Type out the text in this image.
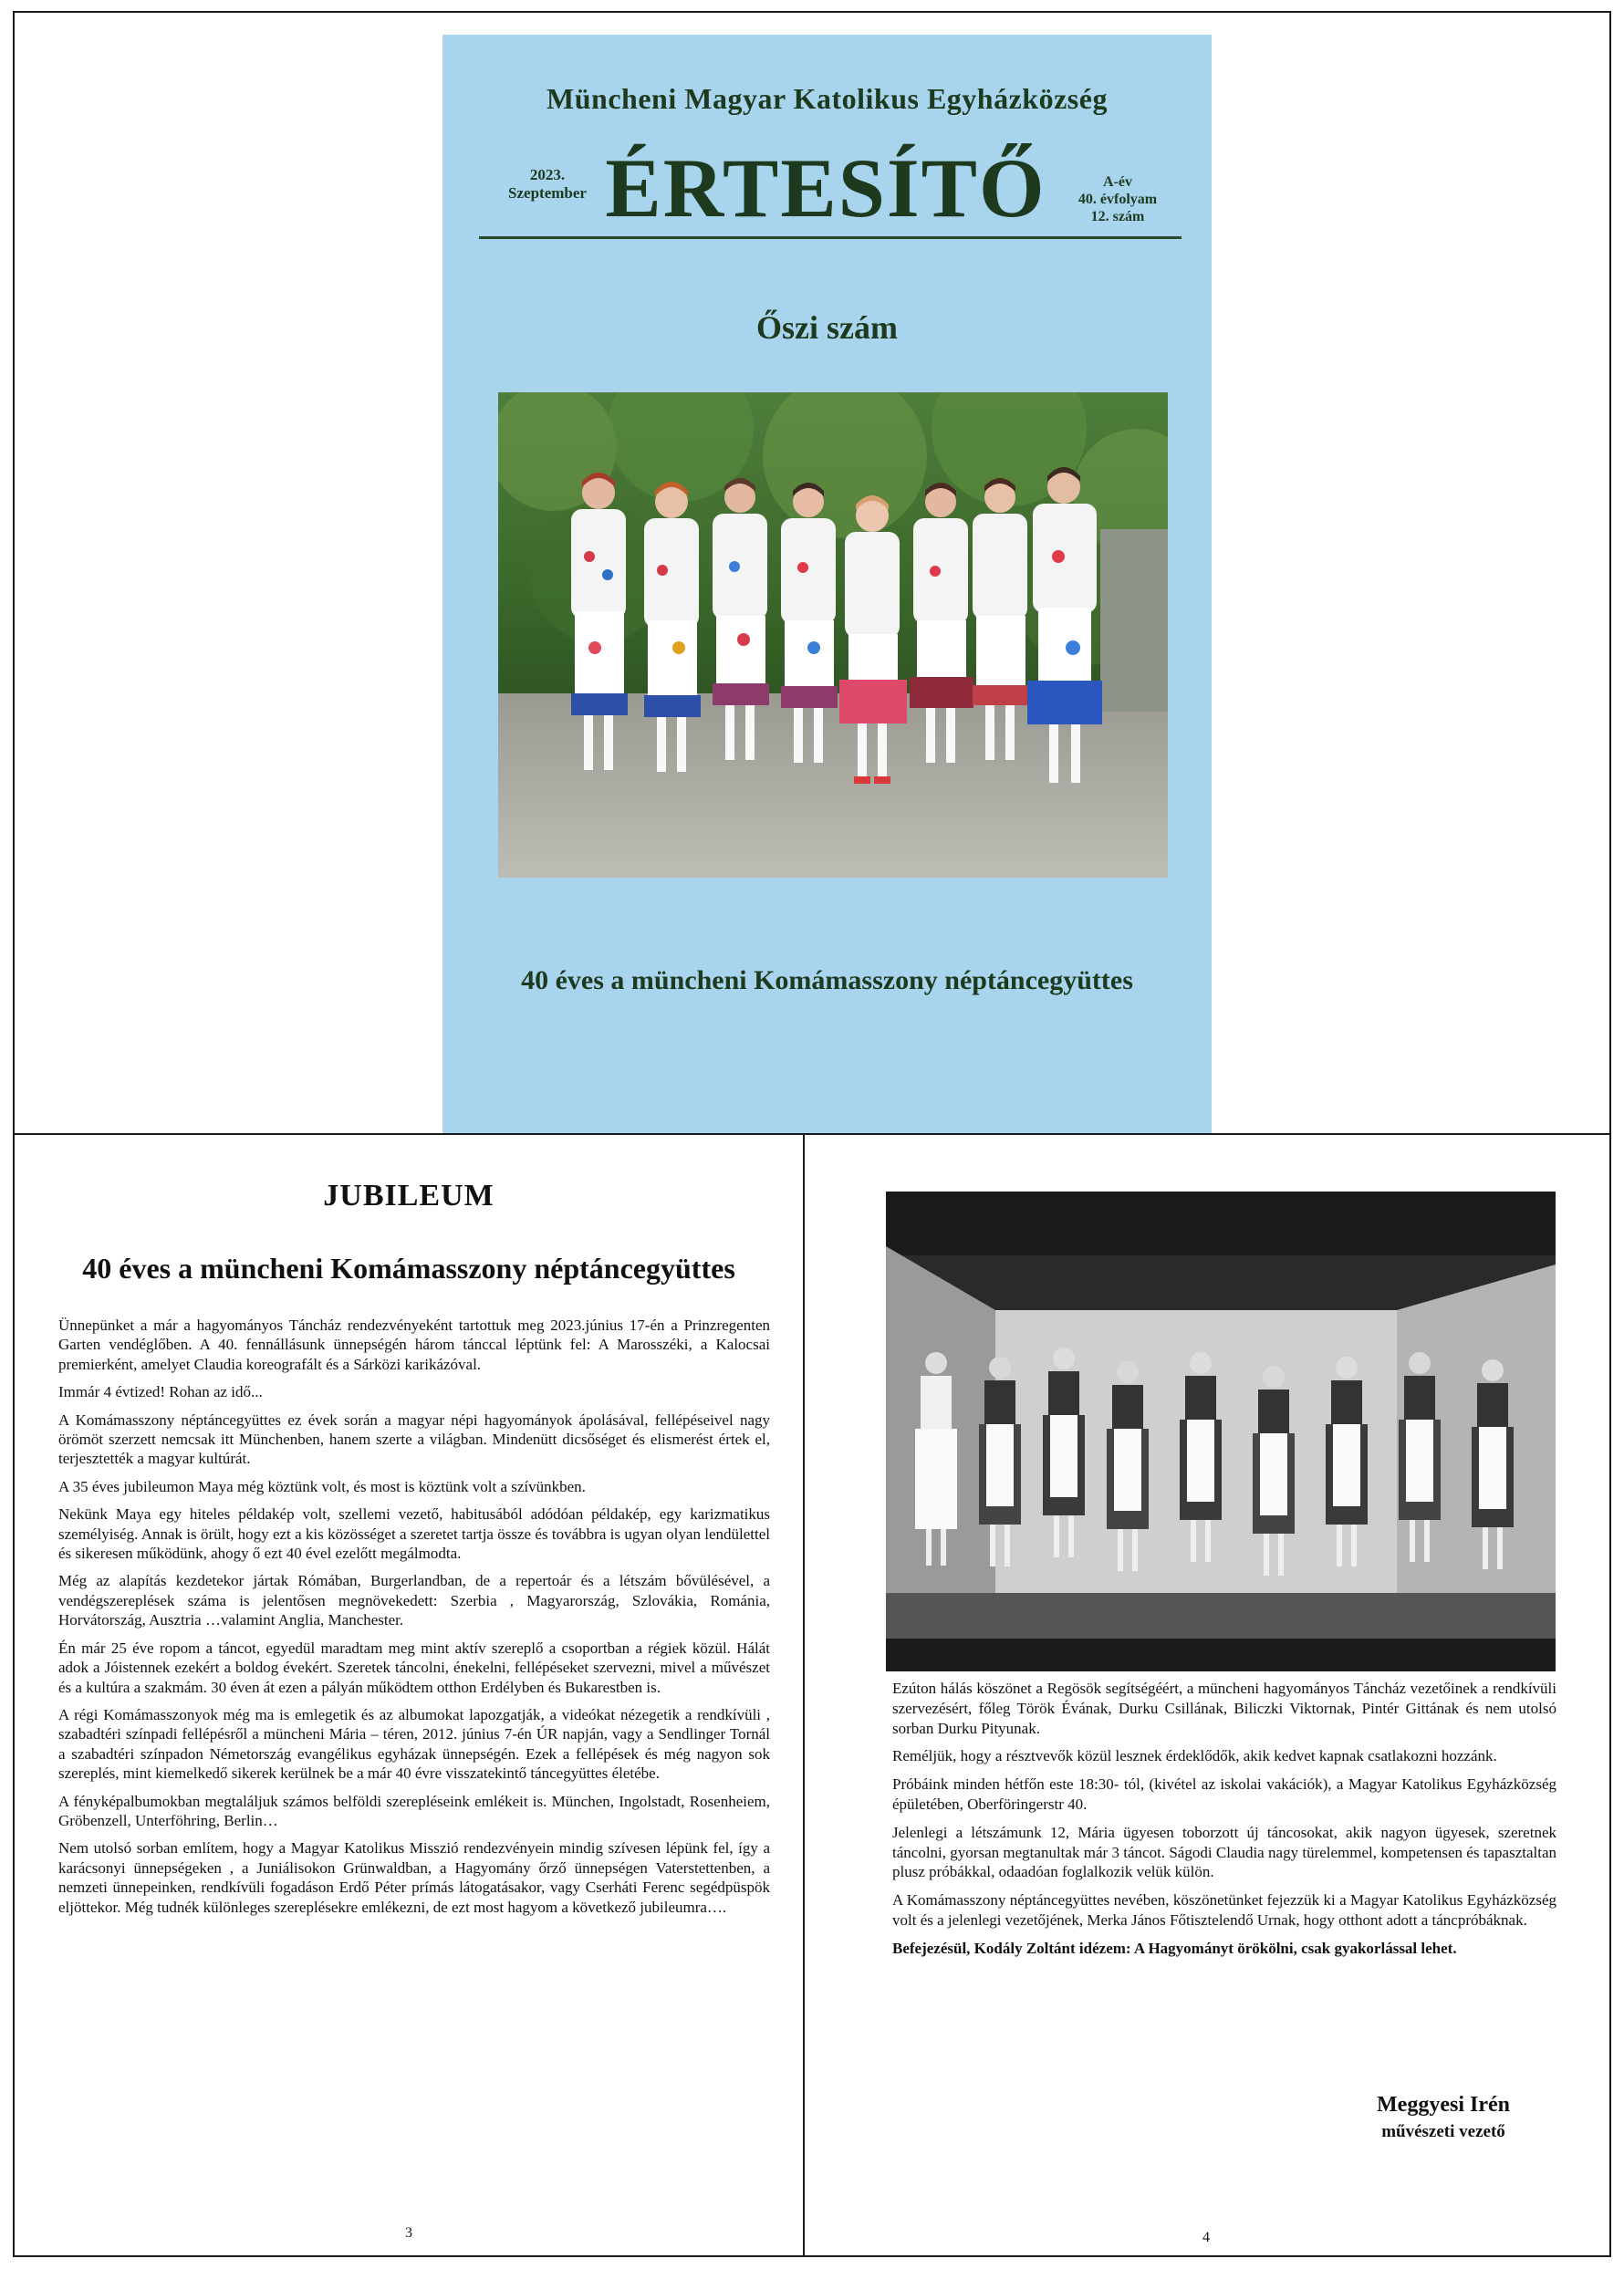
Müncheni Magyar Katolikus Egyházközség
2023.
Szeptember ÉRTESÍTŐ	A-év
40. évfolyam
12. szám
Őszi szám
40 éves a müncheni Komámasszony néptáncegyüttes
JUBILEUM
40 éves a müncheni Komámasszony néptáncegyüttes

Ünnepünket a már a hagyományos Táncház rendezvényeként tartottuk meg 2023.június 17-én a Prinzregenten Garten vendéglőben. A 40. fennállásunk ünnepségén három tánccal léptünk fel: A Marosszéki, a Kalocsai premierként, amelyet Claudia koreografált és a Sárközi karikázóval.

Immár 4 évtized! Rohan az idő...

A Komámasszony néptáncegyüttes ez évek során a magyar népi hagyományok ápolásával, fellépéseivel nagy örömöt szerzett nemcsak itt Münchenben, hanem szerte a világban. Mindenütt dicsőséget és elismerést értek el, terjesztették a magyar kultúrát.

A 35 éves jubileumon Maya még köztünk volt, és most is köztünk volt a szívünkben.

Nekünk Maya egy hiteles példakép volt, szellemi vezető, habitusából adódóan példakép, egy karizmatikus személyiség. Annak is örült, hogy ezt a kis közösséget a szeretet tartja össze és továbbra is ugyan olyan lendülettel és sikeresen működünk, ahogy ő ezt 40 ével ezelőtt megálmodta.

Még az alapítás kezdetekor jártak Rómában, Burgerlandban, de a repertoár és a létszám bővülésével, a vendégszereplések száma is jelentősen megnövekedett: Szerbia , Magyarország, Szlovákia, Románia, Horvátország, Ausztria …valamint Anglia, Manchester.

Én már 25 éve ropom a táncot, egyedül maradtam meg mint aktív szereplő a csoportban a régiek közül. Hálát adok a Jóistennek ezekért a boldog évekért. Szeretek táncolni, énekelni, fellépéseket szervezni, mivel a művészet és a kultúra a szakmám. 30 éven át ezen a pályán működtem otthon Erdélyben és Bukarestben is.

A régi Komámasszonyok még ma is emlegetik és az albumokat lapozgatják, a videókat nézegetik a rendkívüli , szabadtéri színpadi fellépésről a müncheni Mária – téren, 2012. június 7-én ÚR napján, vagy a Sendlinger Tornál a szabadtéri színpadon Németország evangélikus egyházak ünnepségén. Ezek a fellépések és még nagyon sok szereplés, mint kiemelkedő sikerek kerülnek be a már 40 évre visszatekintő táncegyüttes életébe.

A fényképalbumokban megtaláljuk számos belföldi szerepléseink emlékeit is. München, Ingolstadt, Rosenheiem, Gröbenzell, Unterföhring, Berlin…

Nem utolsó sorban említem, hogy a Magyar Katolikus Misszió rendezvényein mindig szívesen lépünk fel, így a karácsonyi ünnepségeken , a Juniálisokon Grünwaldban, a Hagyomány őrző ünnepségen Vaterstettenben, a nemzeti ünnepeinken, rendkívüli fogadáson Erdő Péter prímás látogatásakor, vagy Cserháti Ferenc segédpüspök eljöttekor. Még tudnék különleges szereplésekre emlékezni, de ezt most hagyom a következő jubileumra….

3

Ezúton hálás köszönet a Regösök segítségéért, a müncheni hagyományos Táncház vezetőinek a rendkívüli szervezésért, főleg Török Évának, Durku Csillának, Biliczki Viktornak, Pintér Gittának és nem utolsó sorban Durku Pityunak.

Reméljük, hogy a résztvevők közül lesznek érdeklődők, akik kedvet kapnak csatlakozni hozzánk.

Próbáink minden hétfőn este 18:30- tól, (kivétel az iskolai vakációk), a Magyar Katolikus Egyházközség épületében, Oberföringerstr 40.

Jelenlegi a létszámunk 12, Mária ügyesen toborzott új táncosokat, akik nagyon ügyesek, szeretnek táncolni, gyorsan megtanultak már 3 táncot. Ságodi Claudia nagy türelemmel, kompetensen és tapasztaltan plusz próbákkal, odaadóan foglalkozik velük külön.

A Komámasszony néptáncegyüttes nevében, köszönetünket fejezzük ki a Magyar Katolikus Egyházközség volt és a jelenlegi vezetőjének, Merka János Főtisztelendő Urnak, hogy otthont adott a táncpróbáknak.

Befejezésül, Kodály Zoltánt idézem: A Hagyományt örökölni, csak gyakorlással lehet.

Meggyesi Irén
művészeti vezető
4
